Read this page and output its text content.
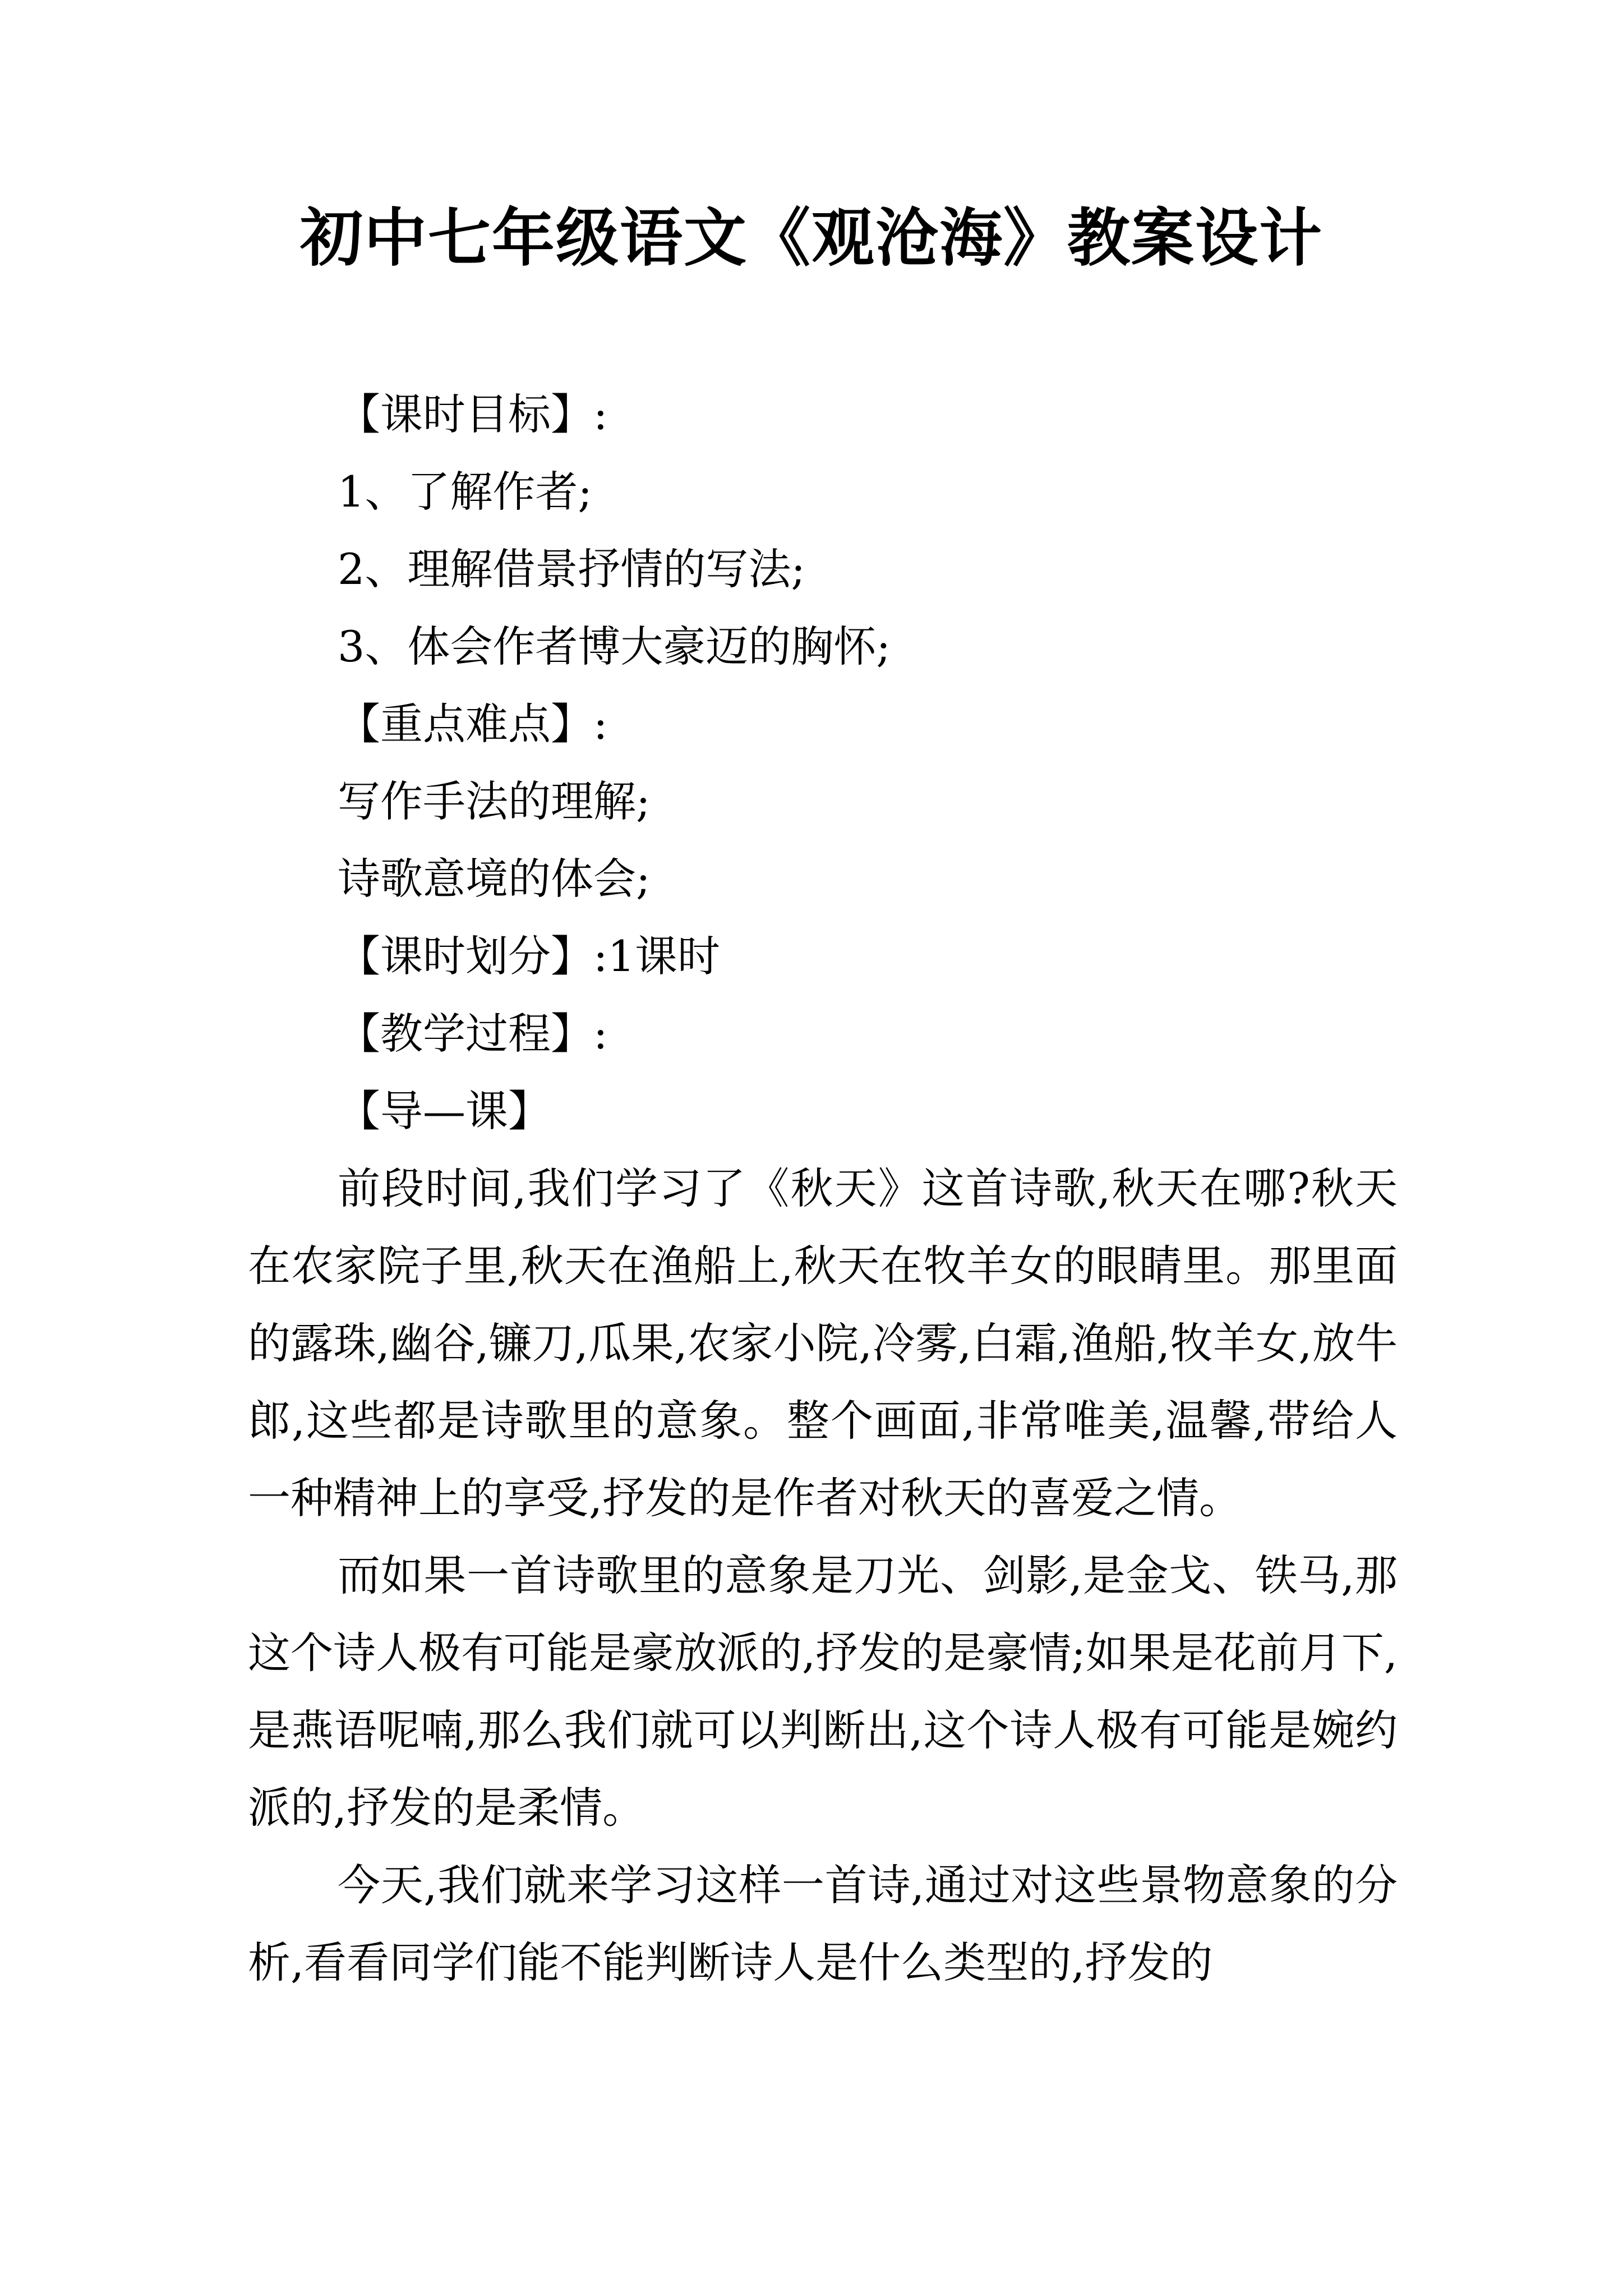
初中七年级语文《观沧海》教案设计
【课时目标】:
1、了解作者;
2、理解借景抒情的写法;
3、体会作者博大豪迈的胸怀;
【重点难点】:
写作手法的理解;
诗歌意境的体会;
【课时划分】:1课时
【教学过程】:
【导—课】

前段时间,我们学习了《秋天》这首诗歌,秋天在哪?秋天在农家院子里,秋天在渔船上,秋天在牧羊女的眼睛里。那里面的露珠,幽谷,镰刀,瓜果,农家小院,冷雾,白霜,渔船,牧羊女,放牛郎,这些都是诗歌里的意象。整个画面,非常唯美,温馨,带给人一种精神上的享受,抒发的是作者对秋天的喜爱之情。

而如果一首诗歌里的意象是刀光、剑影,是金戈、铁马,那这个诗人极有可能是豪放派的,抒发的是豪情;如果是花前月下,是燕语呢喃,那么我们就可以判断出,这个诗人极有可能是婉约派的,抒发的是柔情。

今天,我们就来学习这样一首诗,通过对这些景物意象的分析,看看同学们能不能判断诗人是什么类型的,抒发的
